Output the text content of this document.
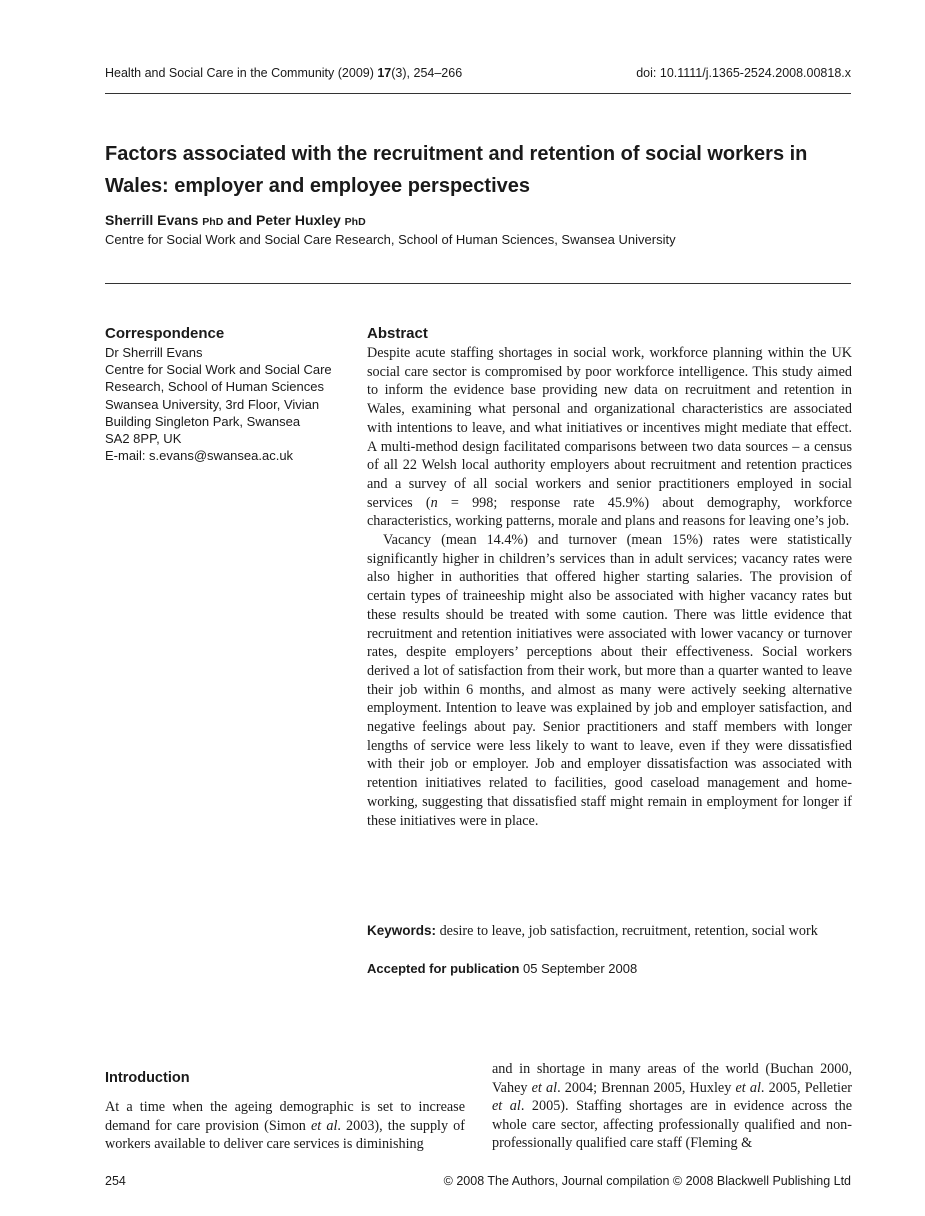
Health and Social Care in the Community (2009) 17(3), 254–266	doi: 10.1111/j.1365-2524.2008.00818.x
Factors associated with the recruitment and retention of social workers in Wales: employer and employee perspectives
Sherrill Evans PhD and Peter Huxley PhD
Centre for Social Work and Social Care Research, School of Human Sciences, Swansea University
Correspondence
Dr Sherrill Evans
Centre for Social Work and Social Care
Research, School of Human Sciences
Swansea University, 3rd Floor, Vivian
Building Singleton Park, Swansea
SA2 8PP, UK
E-mail: s.evans@swansea.ac.uk
Abstract

Despite acute staffing shortages in social work, workforce planning within the UK social care sector is compromised by poor workforce intelligence. This study aimed to inform the evidence base providing new data on recruitment and retention in Wales, examining what personal and organizational characteristics are associated with intentions to leave, and what initiatives or incentives might mediate that effect. A multi-method design facilitated comparisons between two data sources – a census of all 22 Welsh local authority employers about recruitment and retention practices and a survey of all social workers and senior practitioners employed in social services (n = 998; response rate 45.9%) about demography, workforce characteristics, working patterns, morale and plans and reasons for leaving one’s job.

Vacancy (mean 14.4%) and turnover (mean 15%) rates were statistically significantly higher in children’s services than in adult services; vacancy rates were also higher in authorities that offered higher starting salaries. The provision of certain types of traineeship might also be associated with higher vacancy rates but these results should be treated with some caution. There was little evidence that recruitment and retention initiatives were associated with lower vacancy or turnover rates, despite employers’ perceptions about their effectiveness. Social workers derived a lot of satisfaction from their work, but more than a quarter wanted to leave their job within 6 months, and almost as many were actively seeking alternative employment. Intention to leave was explained by job and employer satisfaction, and negative feelings about pay. Senior practitioners and staff members with longer lengths of service were less likely to want to leave, even if they were dissatisfied with their job or employer. Job and employer dissatisfaction was associated with retention initiatives related to facilities, good caseload management and home-working, suggesting that dissatisfied staff might remain in employment for longer if these initiatives were in place.

Keywords: desire to leave, job satisfaction, recruitment, retention, social work
Accepted for publication 05 September 2008
Introduction
At a time when the ageing demographic is set to increase demand for care provision (Simon et al. 2003), the supply of workers available to deliver care services is diminishing
and in shortage in many areas of the world (Buchan 2000, Vahey et al. 2004; Brennan 2005, Huxley et al. 2005, Pelletier et al. 2005). Staffing shortages are in evidence across the whole care sector, affecting professionally qualified and non-professionally qualified care staff (Fleming &
254	© 2008 The Authors, Journal compilation © 2008 Blackwell Publishing Ltd
